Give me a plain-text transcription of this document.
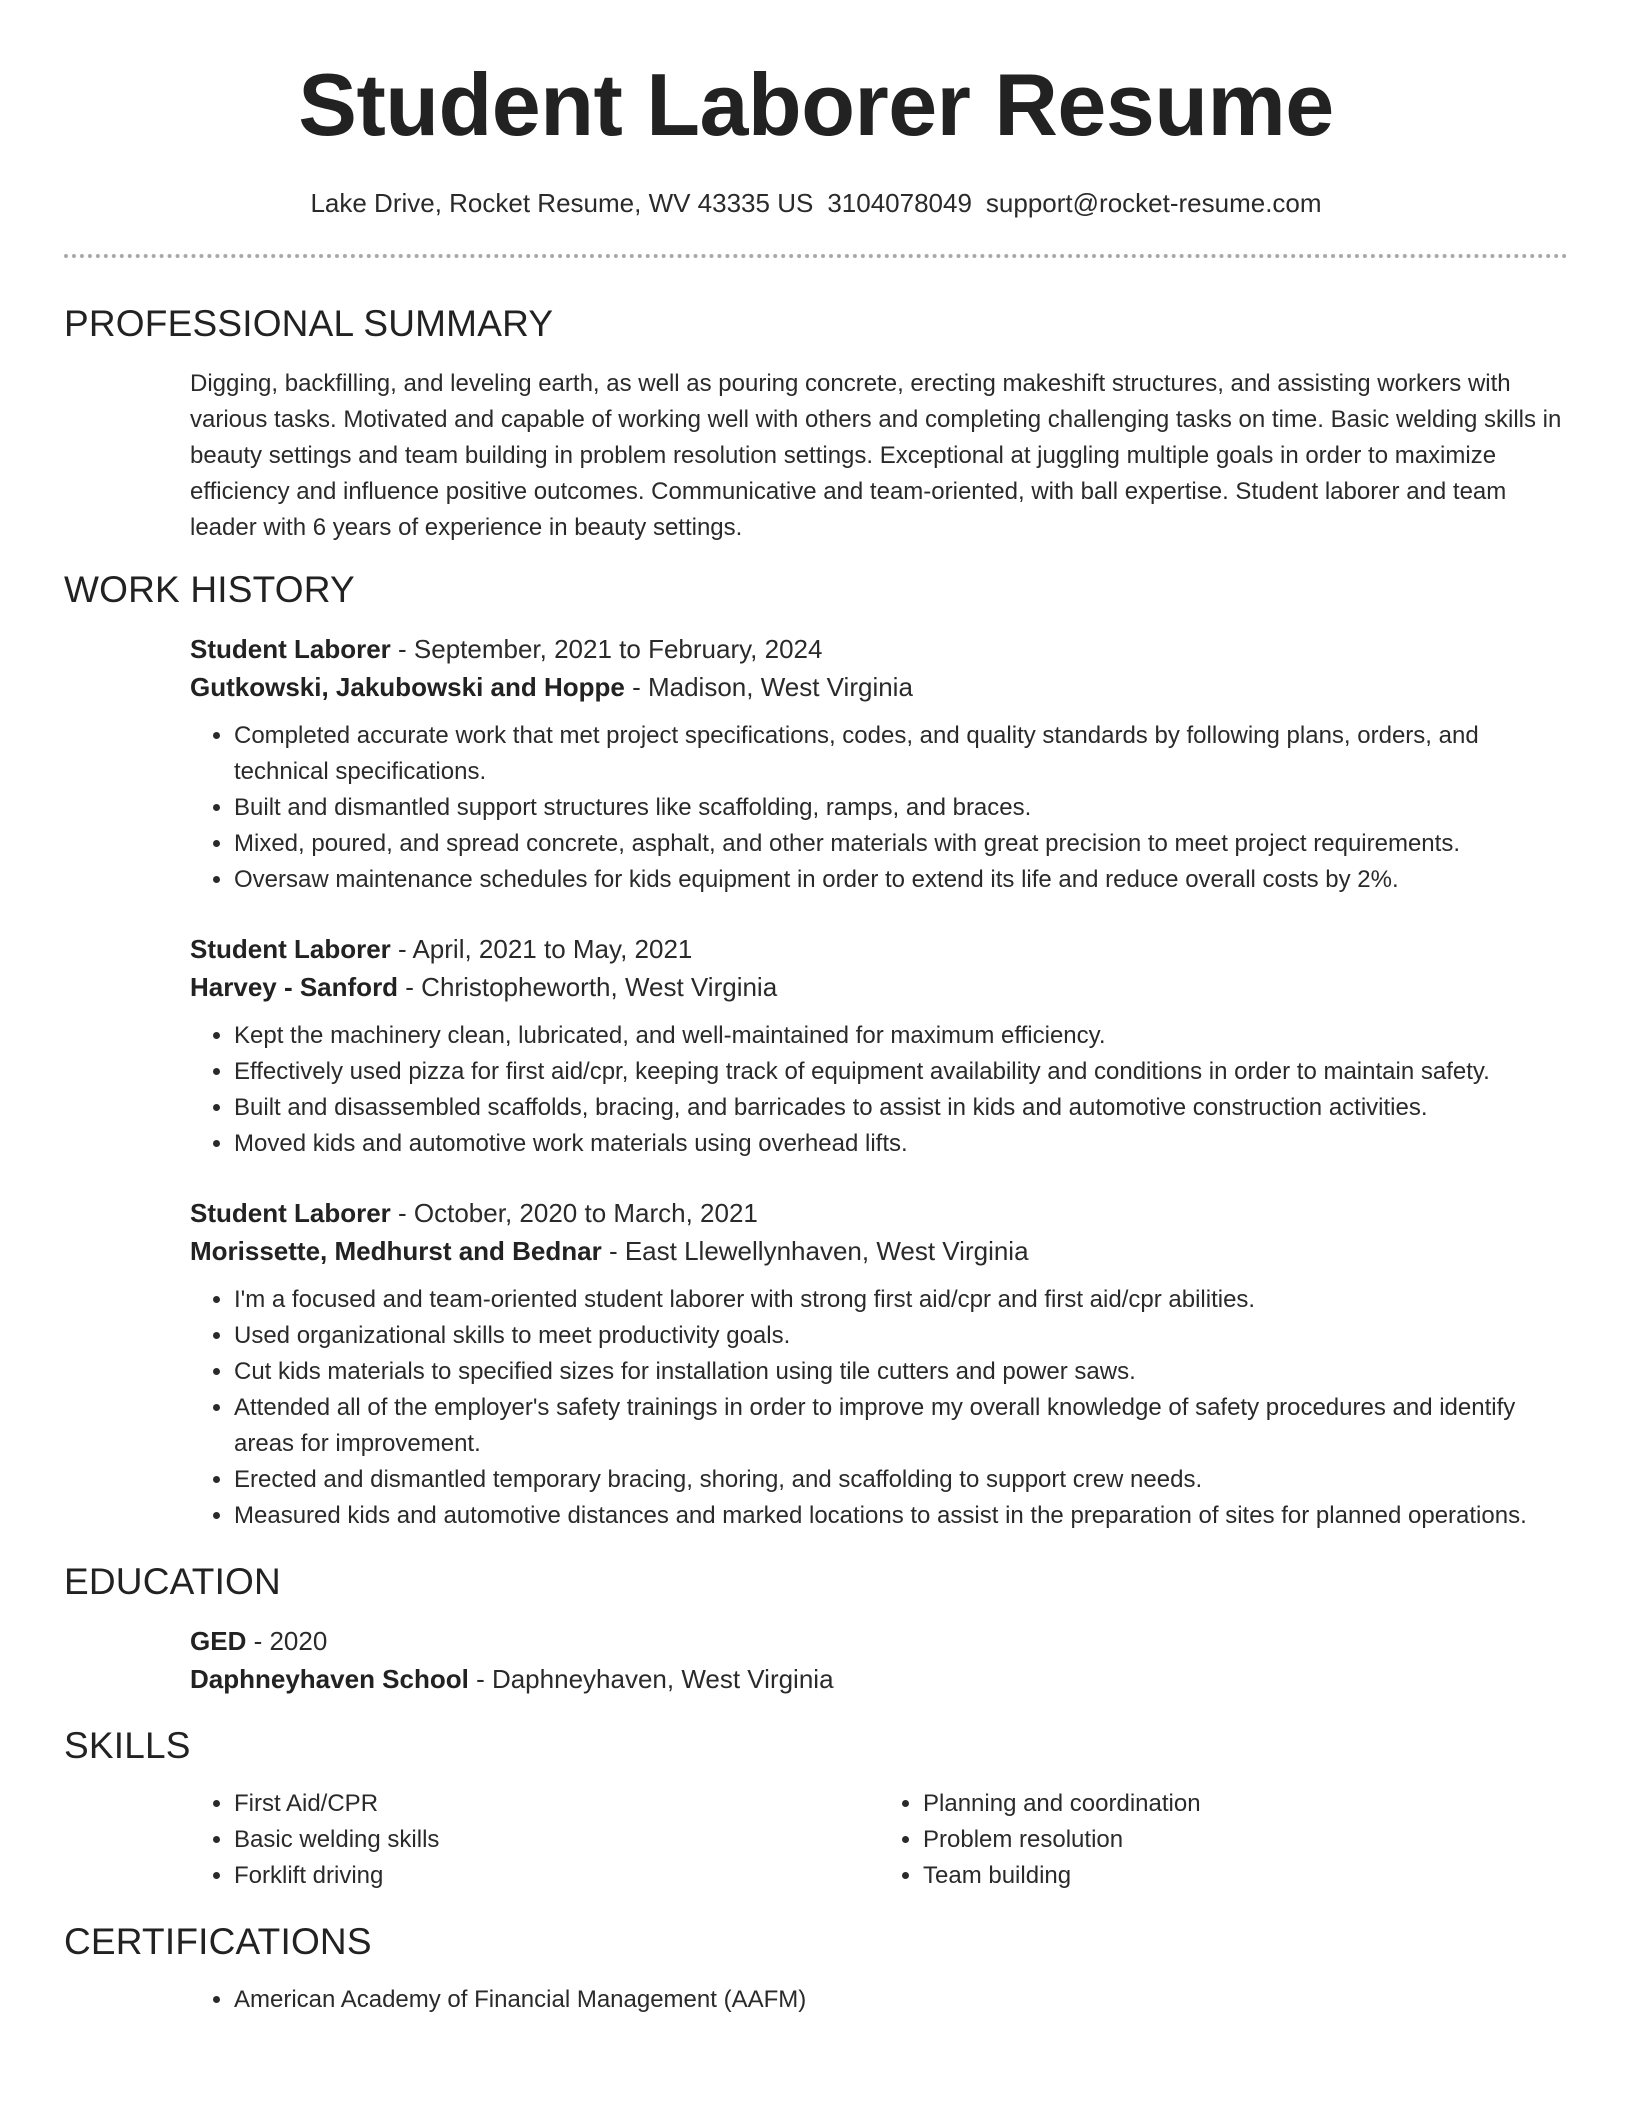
Student Laborer Resume
Lake Drive, Rocket Resume, WV 43335 US 3104078049 support@rocket-resume.com
PROFESSIONAL SUMMARY

Digging, backfilling, and leveling earth, as well as pouring concrete, erecting makeshift structures, and assisting workers with various tasks. Motivated and capable of working well with others and completing challenging tasks on time. Basic welding skills in beauty settings and team building in problem resolution settings. Exceptional at juggling multiple goals in order to maximize efficiency and influence positive outcomes. Communicative and team-oriented, with ball expertise. Student laborer and team leader with 6 years of experience in beauty settings.

WORK HISTORY
Student Laborer - September, 2021 to February, 2024
Gutkowski, Jakubowski and Hoppe - Madison, West Virginia
• Completed accurate work that met project specifications, codes, and quality standards by following plans, orders, and technical specifications.
• Built and dismantled support structures like scaffolding, ramps, and braces.
• Mixed, poured, and spread concrete, asphalt, and other materials with great precision to meet project requirements.
• Oversaw maintenance schedules for kids equipment in order to extend its life and reduce overall costs by 2%.
Student Laborer - April, 2021 to May, 2021
Harvey - Sanford - Christopheworth, West Virginia
• Kept the machinery clean, lubricated, and well-maintained for maximum efficiency.
• Effectively used pizza for first aid/cpr, keeping track of equipment availability and conditions in order to maintain safety.
• Built and disassembled scaffolds, bracing, and barricades to assist in kids and automotive construction activities.
• Moved kids and automotive work materials using overhead lifts.
Student Laborer - October, 2020 to March, 2021
Morissette, Medhurst and Bednar - East Llewellynhaven, West Virginia
• I'm a focused and team-oriented student laborer with strong first aid/cpr and first aid/cpr abilities.
• Used organizational skills to meet productivity goals.
• Cut kids materials to specified sizes for installation using tile cutters and power saws.
• Attended all of the employer's safety trainings in order to improve my overall knowledge of safety procedures and identify areas for improvement.
• Erected and dismantled temporary bracing, shoring, and scaffolding to support crew needs.
• Measured kids and automotive distances and marked locations to assist in the preparation of sites for planned operations.
EDUCATION
GED - 2020
Daphneyhaven School - Daphneyhaven, West Virginia
SKILLS
• First Aid/CPR
• Basic welding skills
• Forklift driving
• Planning and coordination
• Problem resolution
• Team building
CERTIFICATIONS
• American Academy of Financial Management (AAFM)
